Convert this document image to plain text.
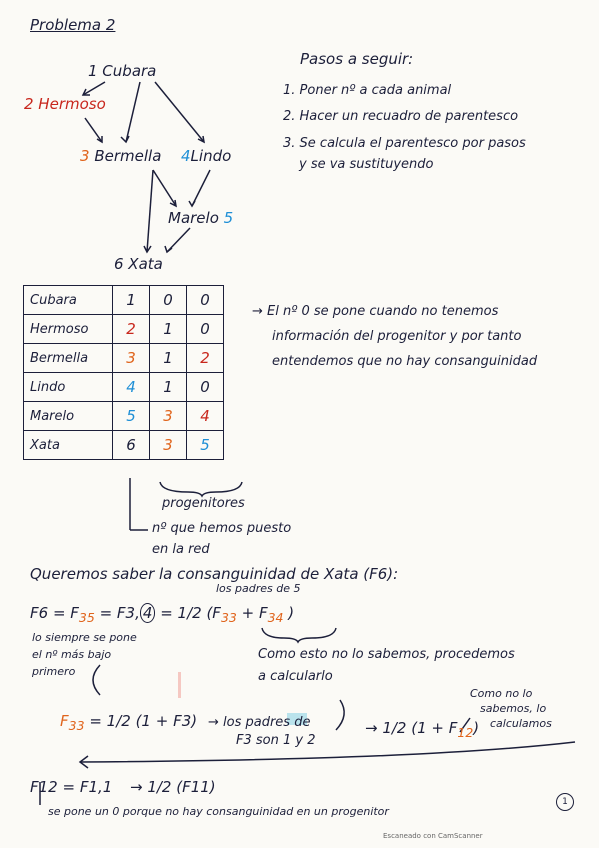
Problema 2
1 Cubara
2 Hermoso
3 Bermella 4Lindo
Marelo 5
6 Xata
Pasos a seguir:
1. Poner nº a cada animal
2. Hacer un recuadro de parentesco
3. Se calcula el parentesco por pasos
y se va sustituyendo
Cubara	1	0	0
Hermoso	2	1	0
Bermella	3	1	2
Lindo	4	1	0
Marelo	5	3	4
Xata	6	3	5
→ El nº 0 se pone cuando no tenemos
información del progenitor y por tanto
entendemos que no hay consanguinidad
progenitores
nº que hemos puesto
en la red
Queremos saber la consanguinidad de Xata (F6):
los padres de 5
$F6 = F_{35} = F3$, 4 = 1/2 ($F_{33} + F_{34}$ )
lo siempre se pone
el nº más bajo
primero
Como esto no lo sabemos, procedemos
a calcularlo
$F_{33} = 1/2$ (1 + F3) → los padres de
F3 son 1 y 2
→ 1/2 $(1 + F_{12})$
Como no lo
sabemos, lo
calculamos
F12 = F1,1 → 1/2 (F11)
se pone un 0 porque no hay consanguinidad en un progenitor
1
Escaneado con CamScanner
